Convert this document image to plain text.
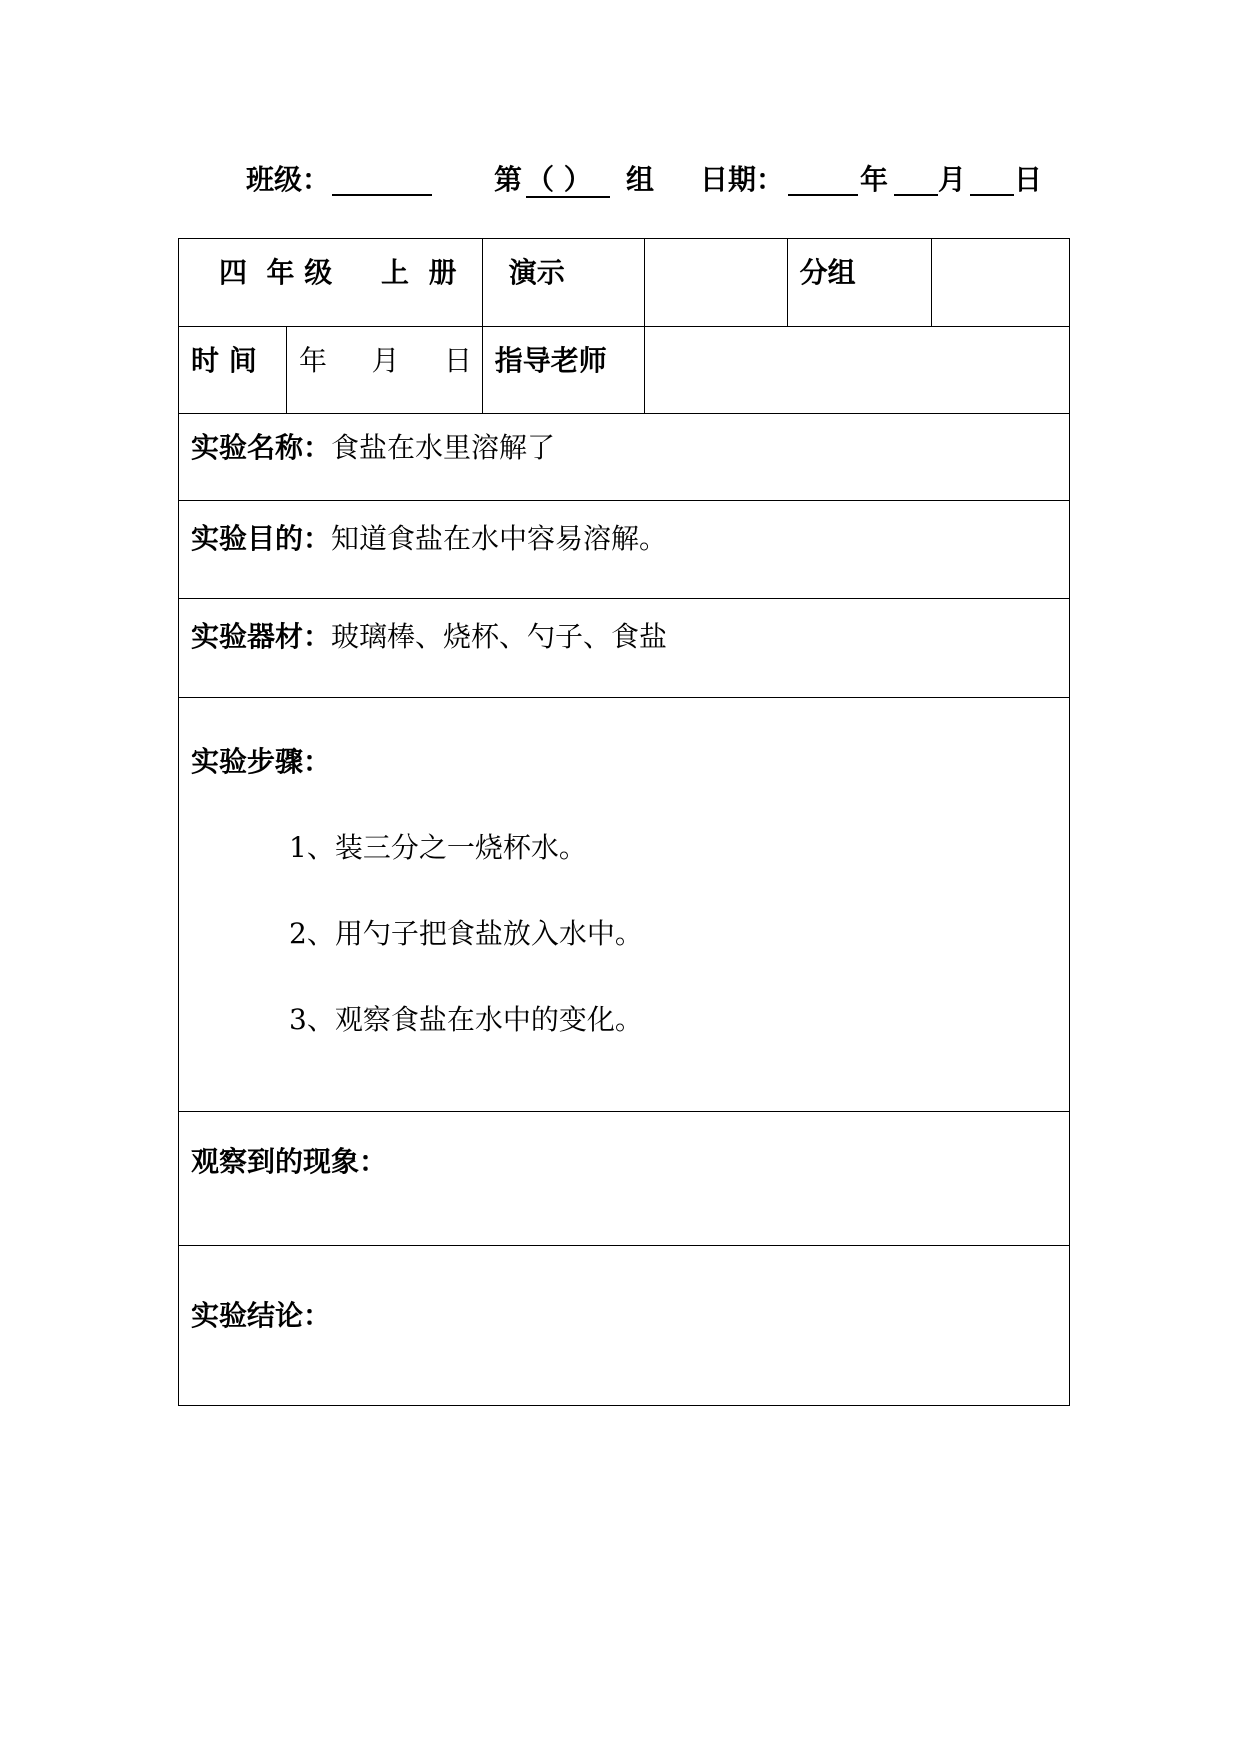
班级：	第 （ ）	组 日期：	年 月 日
四  年 级     上  册		演示		分组	
时 间	年     月     日	指导老师			
实验名称：食盐在水里溶解了					
实验目的：知道食盐在水中容易溶解。					
实验器材：玻璃棒、烧杯、勺子、食盐					

实验步骤：
1、装三分之一烧杯水。
2、用勺子把食盐放入水中。
3、观察食盐在水中的变化。					

观察到的现象：					
实验结论：					
